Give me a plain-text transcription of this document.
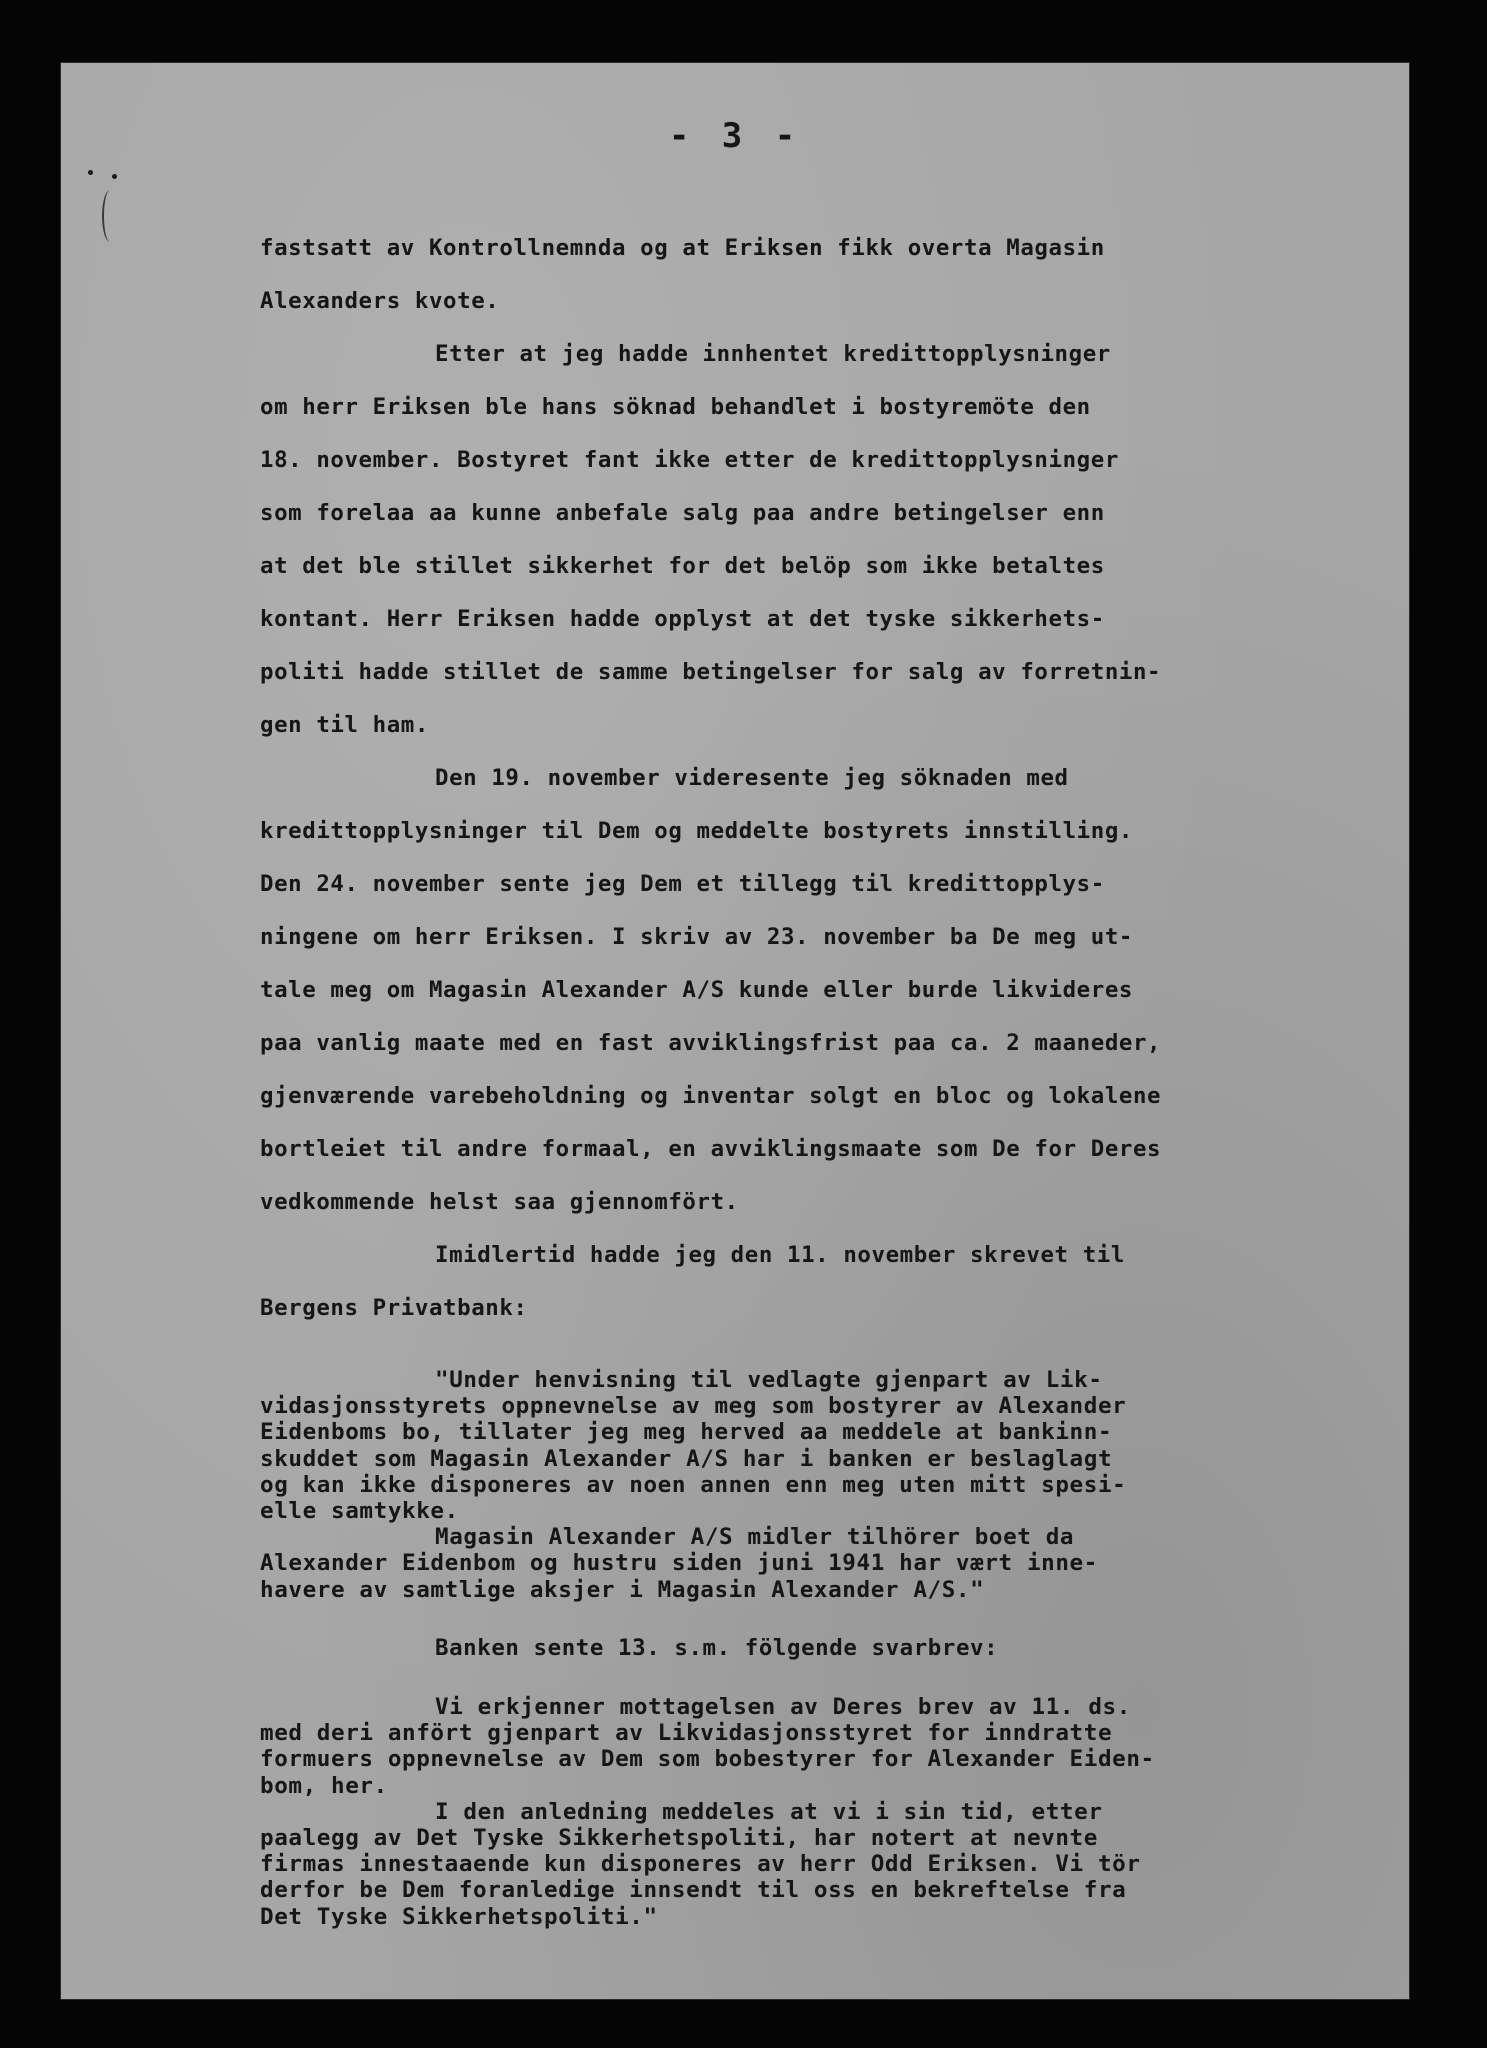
- 3 -
fastsatt av Kontrollnemnda og at Eriksen fikk overta Magasin
Alexanders kvote.
Etter at jeg hadde innhentet kredittopplysninger
om herr Eriksen ble hans söknad behandlet i bostyremöte den
18. november. Bostyret fant ikke etter de kredittopplysninger
som forelaa aa kunne anbefale salg paa andre betingelser enn
at det ble stillet sikkerhet for det belöp som ikke betaltes
kontant. Herr Eriksen hadde opplyst at det tyske sikkerhets-
politi hadde stillet de samme betingelser for salg av forretnin-
gen til ham.
Den 19. november videresente jeg söknaden med
kredittopplysninger til Dem og meddelte bostyrets innstilling.
Den 24. november sente jeg Dem et tillegg til kredittopplys-
ningene om herr Eriksen. I skriv av 23. november ba De meg ut-
tale meg om Magasin Alexander A/S kunde eller burde likvideres
paa vanlig maate med en fast avviklingsfrist paa ca. 2 maaneder,
gjenværende varebeholdning og inventar solgt en bloc og lokalene
bortleiet til andre formaal, en avviklingsmaate som De for Deres
vedkommende helst saa gjennomfört.
Imidlertid hadde jeg den 11. november skrevet til
Bergens Privatbank:
"Under henvisning til vedlagte gjenpart av Lik-
vidasjonsstyrets oppnevnelse av meg som bostyrer av Alexander
Eidenboms bo, tillater jeg meg herved aa meddele at bankinn-
skuddet som Magasin Alexander A/S har i banken er beslaglagt
og kan ikke disponeres av noen annen enn meg uten mitt spesi-
elle samtykke.
Magasin Alexander A/S midler tilhörer boet da
Alexander Eidenbom og hustru siden juni 1941 har vært inne-
havere av samtlige aksjer i Magasin Alexander A/S."
Banken sente 13. s.m. fölgende svarbrev:
Vi erkjenner mottagelsen av Deres brev av 11. ds.
med deri anfört gjenpart av Likvidasjonsstyret for inndratte
formuers oppnevnelse av Dem som bobestyrer for Alexander Eiden-
bom, her.
I den anledning meddeles at vi i sin tid, etter
paalegg av Det Tyske Sikkerhetspoliti, har notert at nevnte
firmas innestaaende kun disponeres av herr Odd Eriksen. Vi tör
derfor be Dem foranledige innsendt til oss en bekreftelse fra
Det Tyske Sikkerhetspoliti."
